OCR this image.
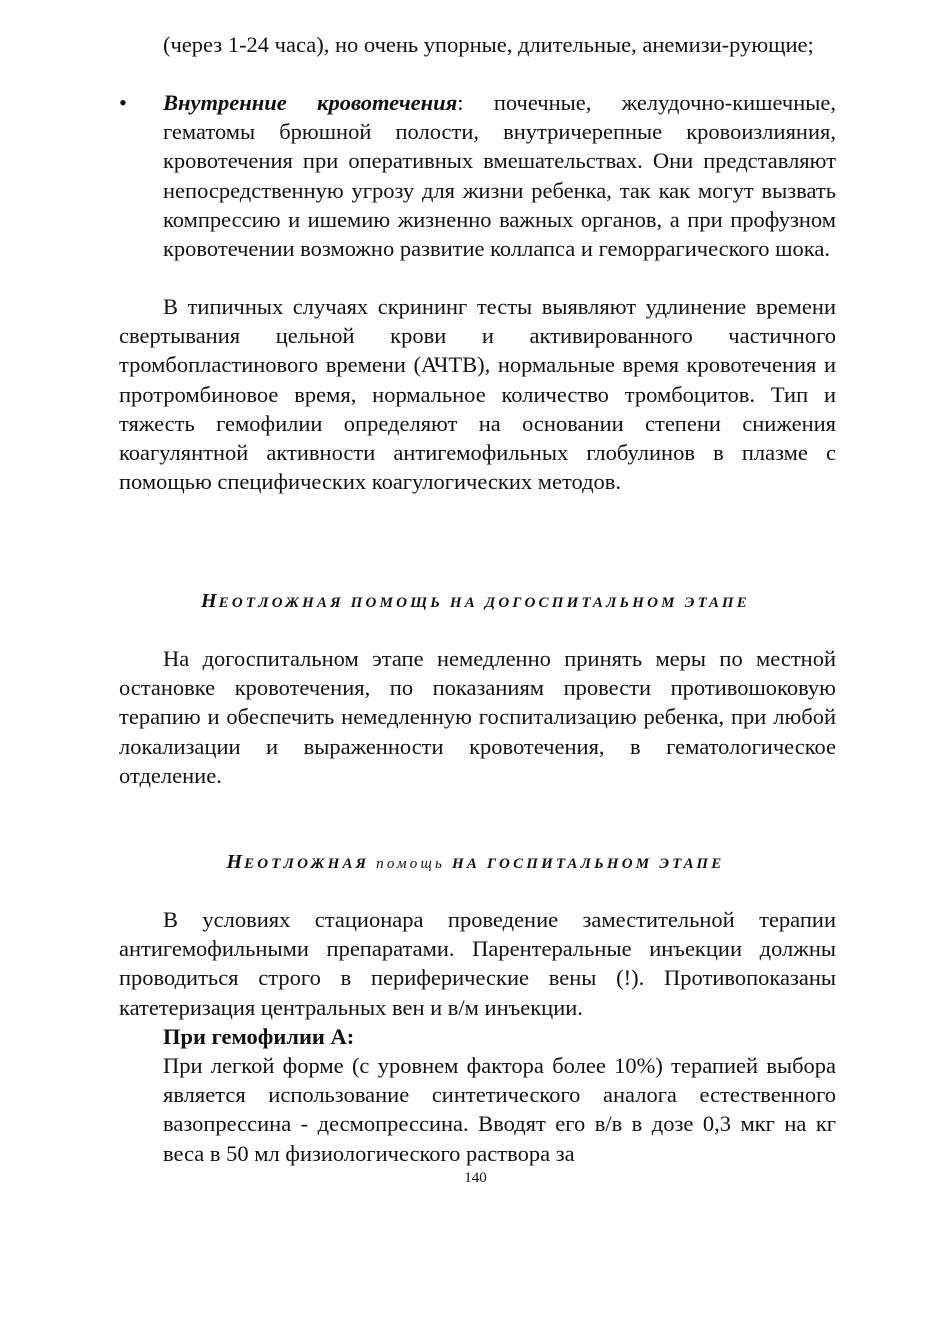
(через 1-24 часа), но очень упорные, длительные, анемизи-рующие;
• Внутренние кровотечения: почечные, желудочно-кишечные, гематомы брюшной полости, внутричерепные кровоизлияния, кровотечения при оперативных вмешательствах. Они представляют непосредственную угрозу для жизни ребенка, так как могут вызвать компрессию и ишемию жизненно важных органов, а при профузном кровотечении возможно развитие коллапса и геморрагического шока.
В типичных случаях скрининг тесты выявляют удлинение времени свертывания цельной крови и активированного частичного тромбопластинового времени (АЧТВ), нормальные время кровотечения и протромбиновое время, нормальное количество тромбоцитов. Тип и тяжесть гемофилии определяют на основании степени снижения коагулянтной активности антигемофильных глобулинов в плазме с помощью специфических коагулогических методов.
НЕОТЛОЖНАЯ ПОМОЩЬ НА ДОГОСПИТАЛЬНОМ ЭТАПЕ
На догоспитальном этапе немедленно принять меры по местной остановке кровотечения, по показаниям провести противошоковую терапию и обеспечить немедленную госпитализацию ребенка, при любой локализации и выраженности кровотечения, в гематологическое отделение.
НЕОТЛОЖНАЯ помощь НА ГОСПИТАЛЬНОМ ЭТАПЕ
В условиях стационара проведение заместительной терапии антигемофильными препаратами. Парентеральные инъекции должны проводиться строго в периферические вены (!). Противопоказаны катетеризация центральных вен и в/м инъекции.
При гемофилии А:
При легкой форме (с уровнем фактора более 10%) терапией выбора является использование синтетического аналога естественного вазопрессина - десмопрессина. Вводят его в/в в дозе 0,3 мкг на кг веса в 50 мл физиологического раствора за
140
